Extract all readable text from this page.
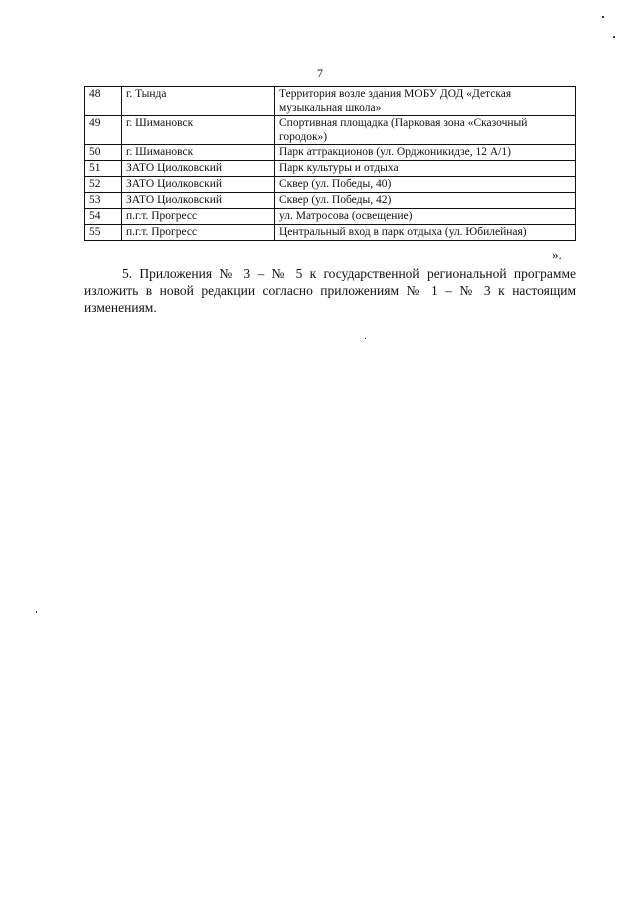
7
48	г. Тында	Территория возле здания МОБУ ДОД «Детская музыкальная школа»
49	г. Шимановск	Спортивная площадка (Парковая зона «Сказочный городок»)
50	г. Шимановск	Парк аттракционов (ул. Орджоникидзе, 12 А/1)
51	ЗАТО Циолковский	Парк культуры и отдыха
52	ЗАТО Циолковский	Сквер (ул. Победы, 40)
53	ЗАТО Циолковский	Сквер (ул. Победы, 42)
54	п.г.т. Прогресс	ул. Матросова (освещение)
55	п.г.т. Прогресс	Центральный вход в парк отдыха (ул. Юбилейная)
».

5. Приложения № 3 – № 5 к государственной региональной программе изложить в новой редакции согласно приложениям № 1 – № 3 к настоящим изменениям.
